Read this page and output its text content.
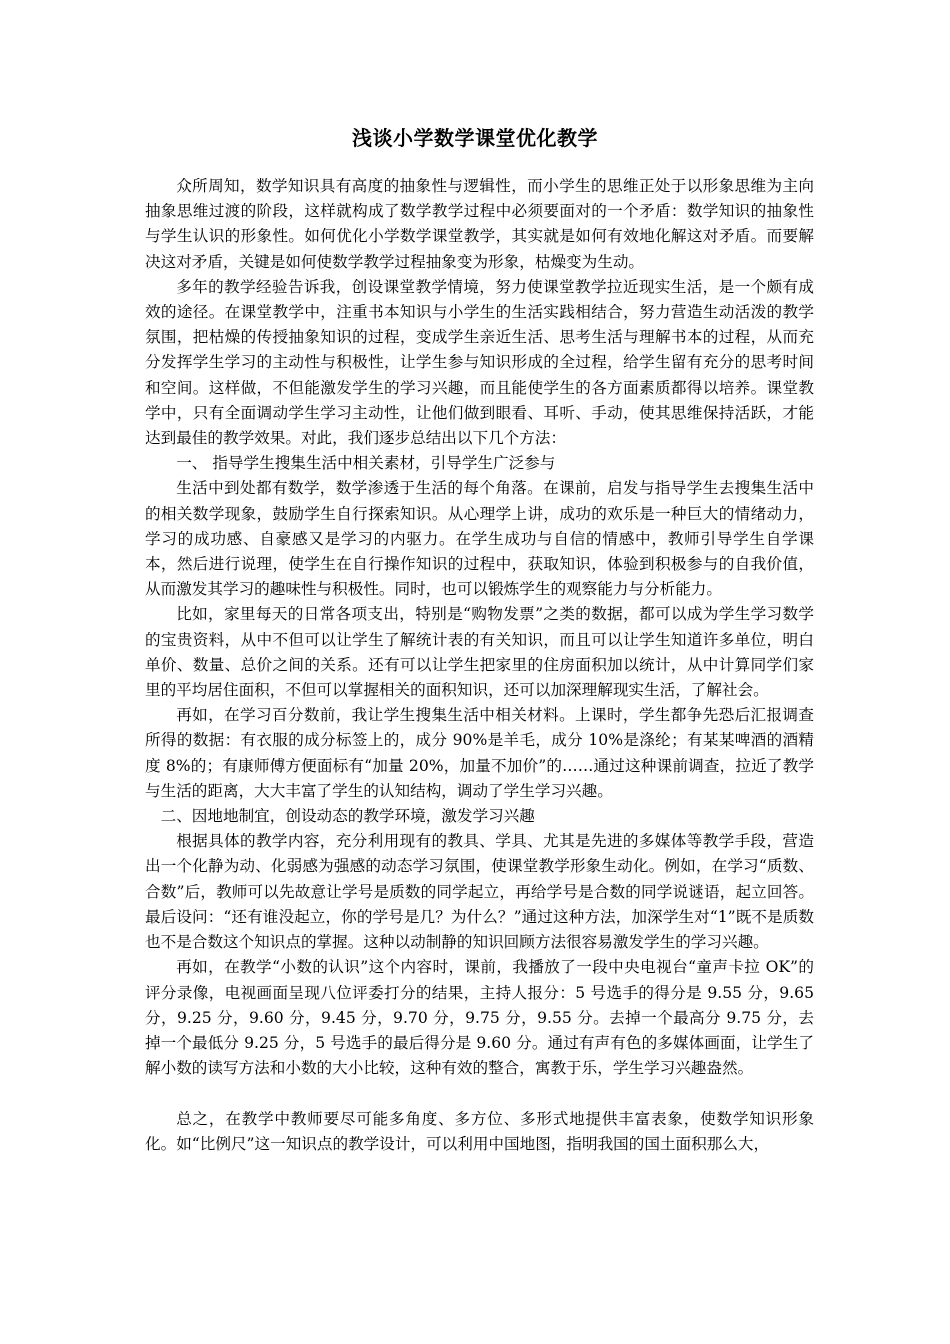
浅谈小学数学课堂优化教学

众所周知，数学知识具有高度的抽象性与逻辑性，而小学生的思维正处于以形象思维为主向抽象思维过渡的阶段，这样就构成了数学教学过程中必须要面对的一个矛盾：数学知识的抽象性与学生认识的形象性。如何优化小学数学课堂教学，其实就是如何有效地化解这对矛盾。而要解决这对矛盾，关键是如何使数学教学过程抽象变为形象，枯燥变为生动。

多年的教学经验告诉我，创设课堂教学情境，努力使课堂教学拉近现实生活，是一个颇有成效的途径。在课堂教学中，注重书本知识与小学生的生活实践相结合，努力营造生动活泼的教学氛围，把枯燥的传授抽象知识的过程，变成学生亲近生活、思考生活与理解书本的过程，从而充分发挥学生学习的主动性与积极性，让学生参与知识形成的全过程，给学生留有充分的思考时间和空间。这样做，不但能激发学生的学习兴趣，而且能使学生的各方面素质都得以培养。课堂教学中，只有全面调动学生学习主动性，让他们做到眼看、耳听、手动，使其思维保持活跃，才能达到最佳的教学效果。对此，我们逐步总结出以下几个方法：

一、 指导学生搜集生活中相关素材，引导学生广泛参与

生活中到处都有数学，数学渗透于生活的每个角落。在课前，启发与指导学生去搜集生活中的相关数学现象，鼓励学生自行探索知识。从心理学上讲，成功的欢乐是一种巨大的情绪动力，学习的成功感、自豪感又是学习的内驱力。在学生成功与自信的情感中，教师引导学生自学课本，然后进行说理，使学生在自行操作知识的过程中，获取知识，体验到积极参与的自我价值，从而激发其学习的趣味性与积极性。同时，也可以锻炼学生的观察能力与分析能力。

比如，家里每天的日常各项支出，特别是“购物发票”之类的数据，都可以成为学生学习数学的宝贵资料，从中不但可以让学生了解统计表的有关知识，而且可以让学生知道许多单位，明白单价、数量、总价之间的关系。还有可以让学生把家里的住房面积加以统计，从中计算同学们家里的平均居住面积，不但可以掌握相关的面积知识，还可以加深理解现实生活，了解社会。

再如，在学习百分数前，我让学生搜集生活中相关材料。上课时，学生都争先恐后汇报调查所得的数据：有衣服的成分标签上的，成分 90%是羊毛，成分 10%是涤纶；有某某啤酒的酒精度 8%的；有康师傅方便面标有“加量 20%，加量不加价”的……通过这种课前调查，拉近了教学与生活的距离，大大丰富了学生的认知结构，调动了学生学习兴趣。

二、因地地制宜，创设动态的教学环境，激发学习兴趣

根据具体的教学内容，充分利用现有的教具、学具、尤其是先进的多媒体等教学手段，营造出一个化静为动、化弱感为强感的动态学习氛围，使课堂教学形象生动化。例如，在学习“质数、合数”后，教师可以先故意让学号是质数的同学起立，再给学号是合数的同学说谜语，起立回答。最后设问：“还有谁没起立，你的学号是几？为什么？”通过这种方法，加深学生对“1”既不是质数也不是合数这个知识点的掌握。这种以动制静的知识回顾方法很容易激发学生的学习兴趣。

再如，在教学“小数的认识”这个内容时，课前，我播放了一段中央电视台“童声卡拉 OK”的评分录像，电视画面呈现八位评委打分的结果，主持人报分：5 号选手的得分是 9.55 分，9.65 分，9.25 分，9.60 分，9.45 分，9.70 分，9.75 分，9.55 分。去掉一个最高分 9.75 分，去掉一个最低分 9.25 分，5 号选手的最后得分是 9.60 分。通过有声有色的多媒体画面，让学生了解小数的读写方法和小数的大小比较，这种有效的整合，寓教于乐，学生学习兴趣盎然。

总之，在教学中教师要尽可能多角度、多方位、多形式地提供丰富表象，使数学知识形象化。如“比例尺”这一知识点的教学设计，可以利用中国地图，指明我国的国土面积那么大，
